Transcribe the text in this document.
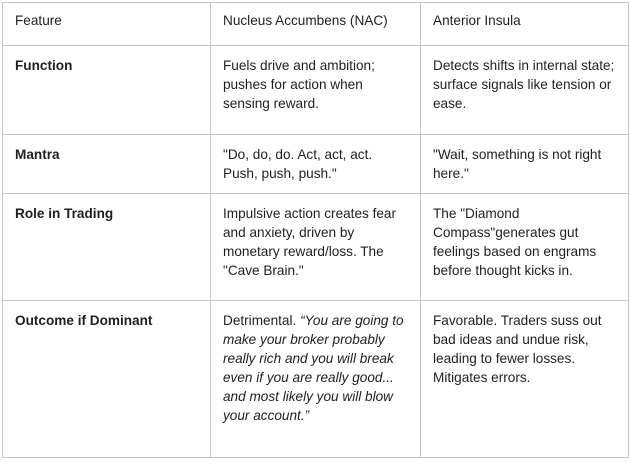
Feature	Nucleus Accumbens (NAC)	Anterior Insula
Function	Fuels drive and ambition; pushes for action when sensing reward.	Detects shifts in internal state; surface signals like tension or ease.
Mantra	"Do, do, do. Act, act, act. Push, push, push."	"Wait, something is not right here."
Role in Trading	Impulsive action creates fear and anxiety, driven by monetary reward/loss. The "Cave Brain."	The "Diamond Compass"generates gut feelings based on engrams before thought kicks in.
Outcome if Dominant	Detrimental. “You are going to make your broker probably really rich and you will break even if you are really good... and most likely you will blow your account.”	Favorable. Traders suss out bad ideas and undue risk, leading to fewer losses. Mitigates errors.
